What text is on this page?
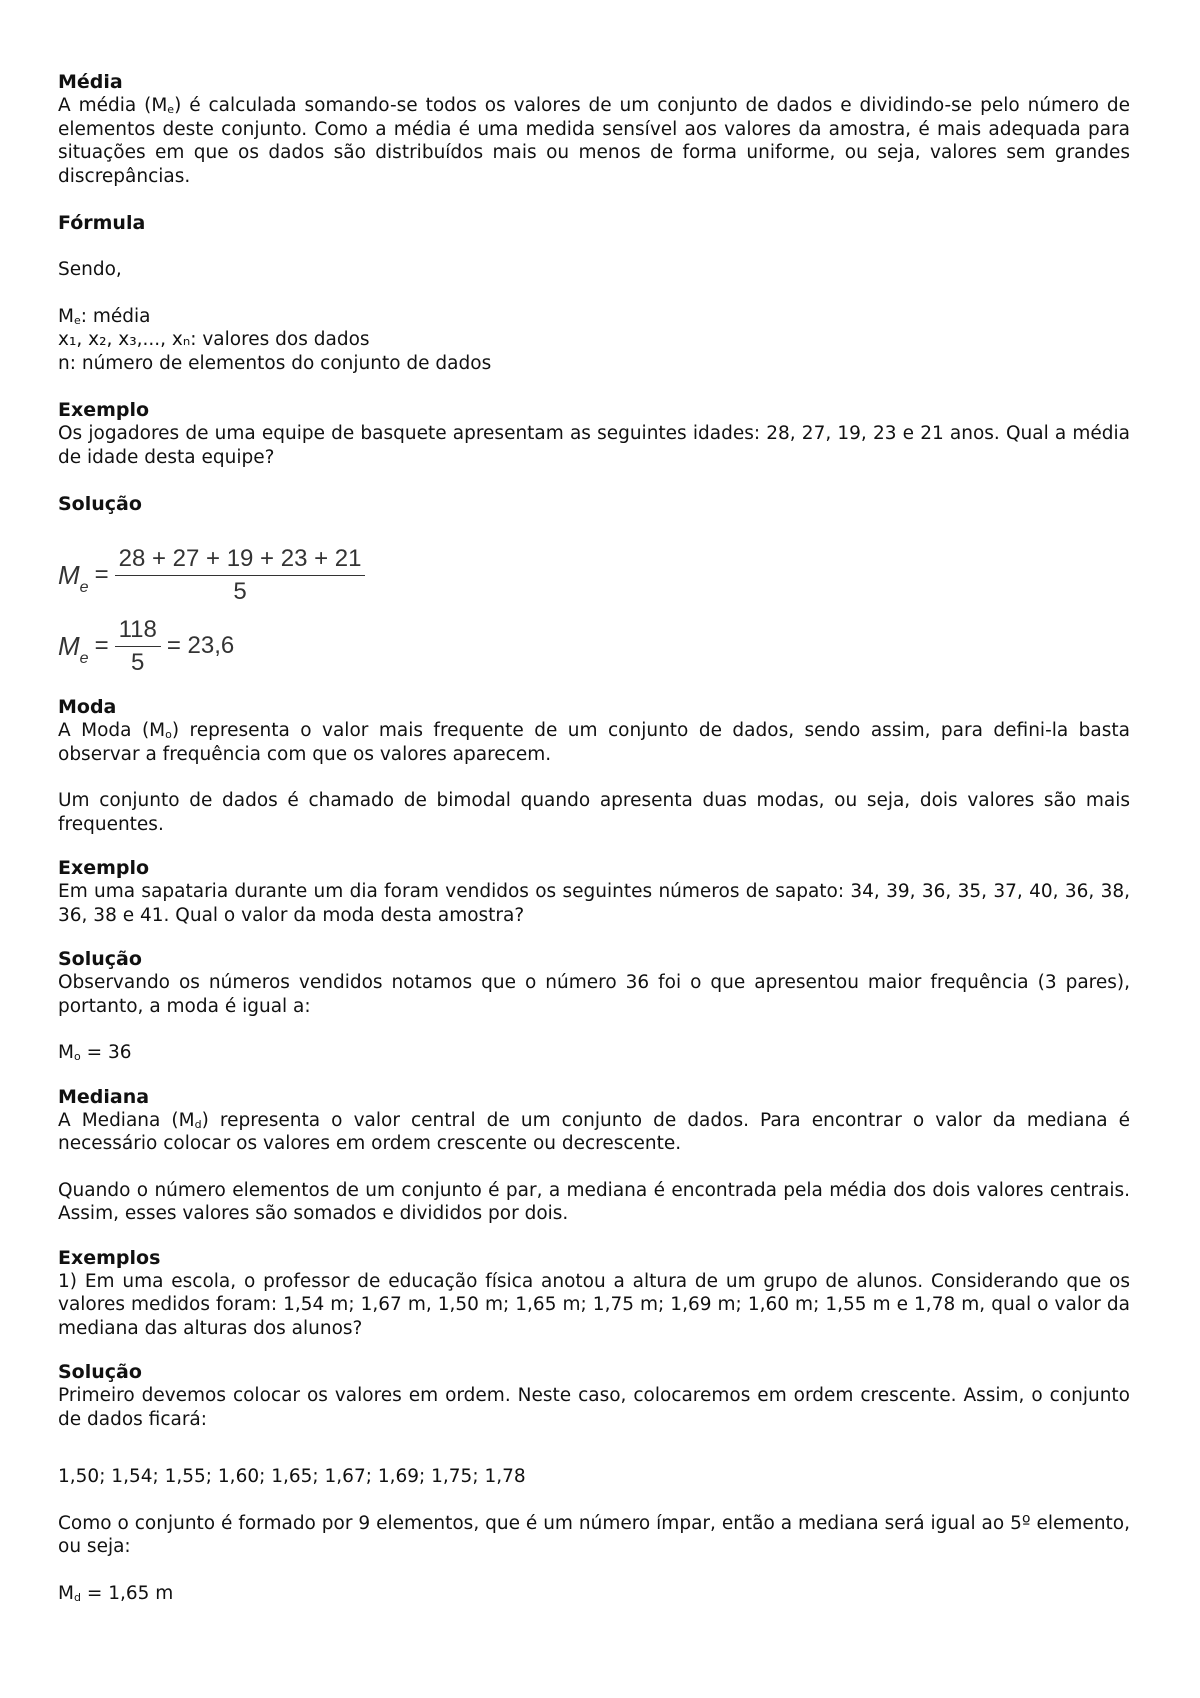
Média

A média $(M_e)$ é calculada somando-se todos os valores de um conjunto de dados e dividindo-se pelo número de elementos deste conjunto. Como a média é uma medida sensível aos valores da amostra, é mais adequada para situações em que os dados são distribuídos mais ou menos de forma uniforme, ou seja, valores sem grandes discrepâncias.

Fórmula

Sendo,

$M_e$: média

x₁, x₂, x₃,..., xₙ: valores dos dados

n: número de elementos do conjunto de dados

Exemplo

Os jogadores de uma equipe de basquete apresentam as seguintes idades: 28, 27, 19, 23 e 21 anos. Qual a média de idade desta equipe?

Solução
$M_e = \frac{28 + 27 + 19 + 23 + 21}{5}$
$M_e = \frac{118}{5} = 23,6$
Moda

A Moda $(M_o)$ representa o valor mais frequente de um conjunto de dados, sendo assim, para defini-la basta observar a frequência com que os valores aparecem.

Um conjunto de dados é chamado de bimodal quando apresenta duas modas, ou seja, dois valores são mais frequentes.

Exemplo

Em uma sapataria durante um dia foram vendidos os seguintes números de sapato: 34, 39, 36, 35, 37, 40, 36, 38, 36, 38 e 41. Qual o valor da moda desta amostra?

Solução

Observando os números vendidos notamos que o número 36 foi o que apresentou maior frequência (3 pares), portanto, a moda é igual a:

$M_o = 36$

Mediana

A Mediana $(M_d)$ representa o valor central de um conjunto de dados. Para encontrar o valor da mediana é necessário colocar os valores em ordem crescente ou decrescente.

Quando o número elementos de um conjunto é par, a mediana é encontrada pela média dos dois valores centrais. Assim, esses valores são somados e divididos por dois.

Exemplos

1) Em uma escola, o professor de educação física anotou a altura de um grupo de alunos. Considerando que os valores medidos foram: 1,54 m; 1,67 m, 1,50 m; 1,65 m; 1,75 m; 1,69 m; 1,60 m; 1,55 m e 1,78 m, qual o valor da mediana das alturas dos alunos?

Solução

Primeiro devemos colocar os valores em ordem. Neste caso, colocaremos em ordem crescente. Assim, o conjunto de dados ficará:

1,50; 1,54; 1,55; 1,60; 1,65; 1,67; 1,69; 1,75; 1,78

Como o conjunto é formado por 9 elementos, que é um número ímpar, então a mediana será igual ao 5º elemento, ou seja:

$M_d = 1,65$ m
